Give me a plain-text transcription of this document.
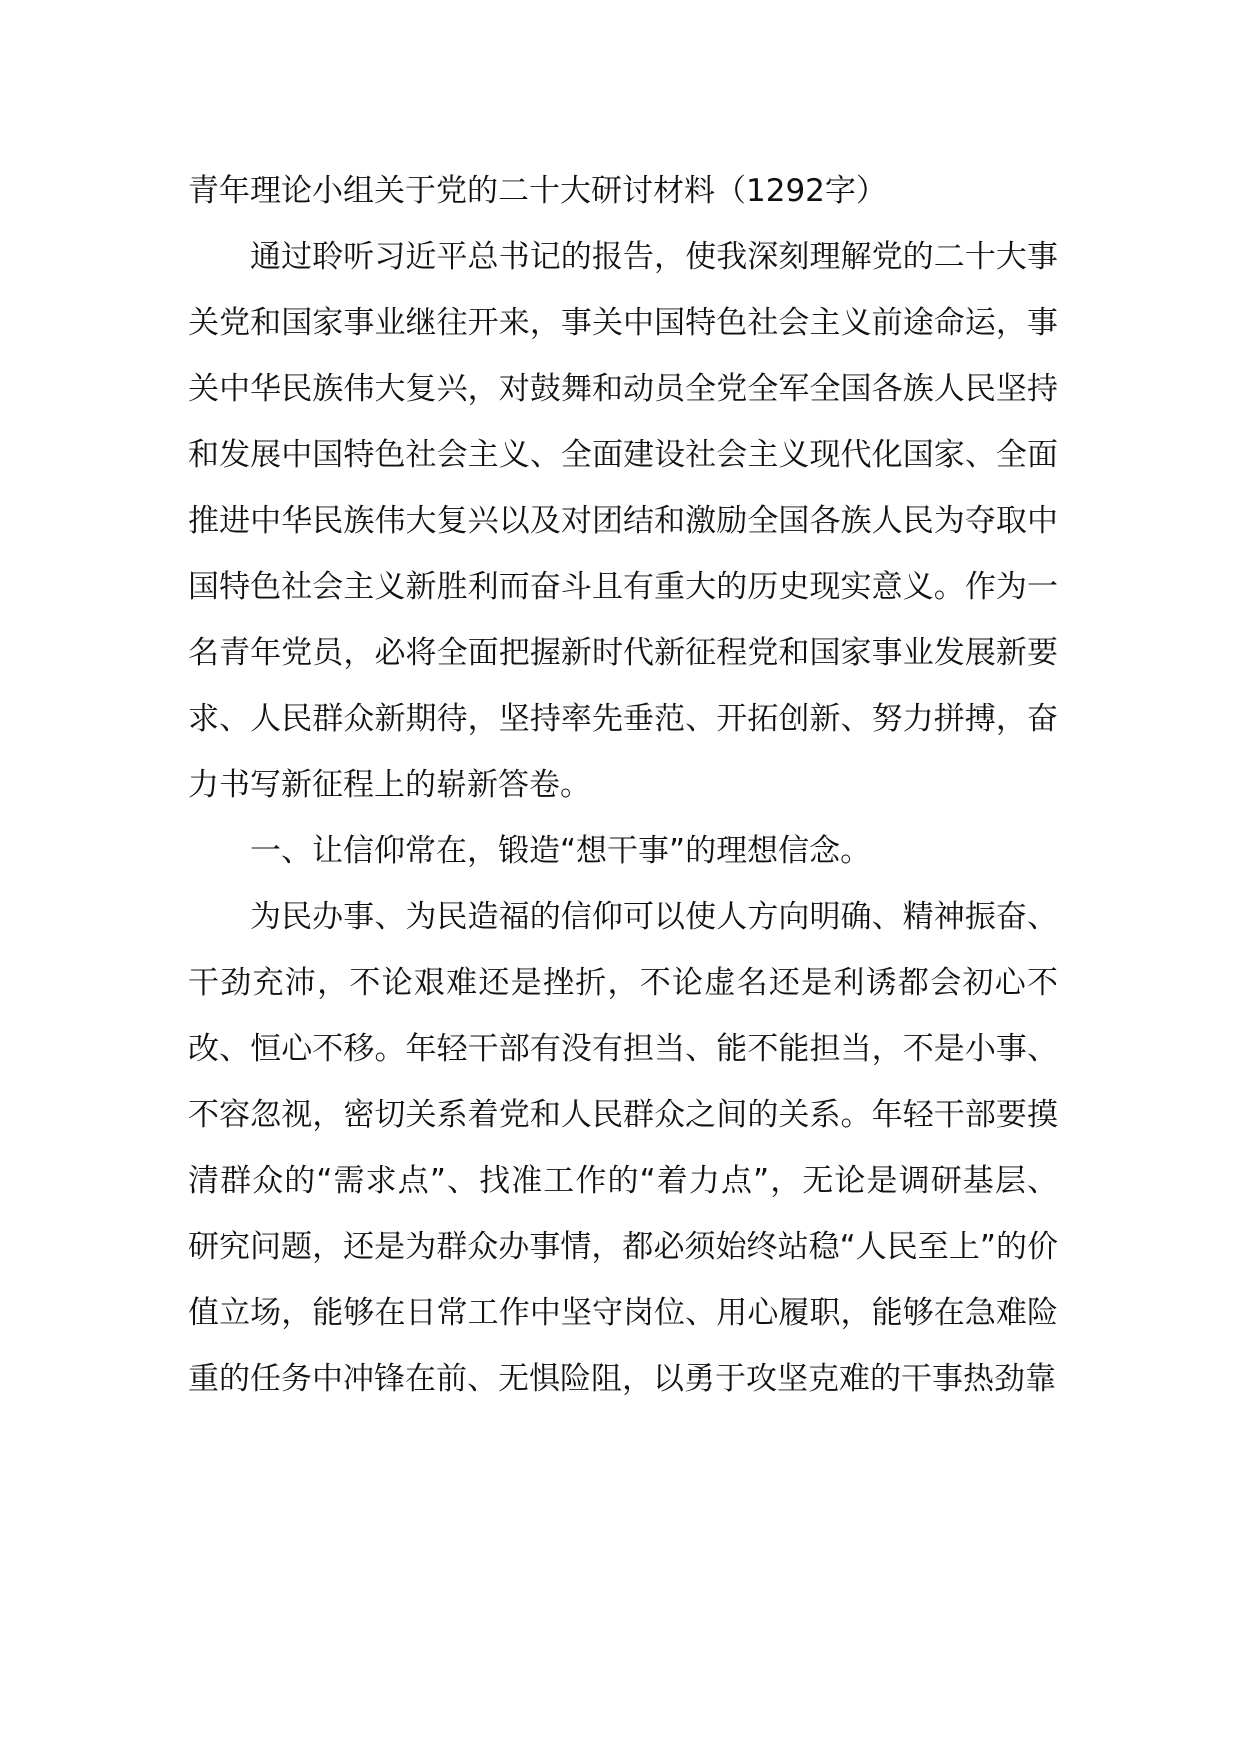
青年理论小组关于党的二十大研讨材料（1292字）

通过聆听习近平总书记的报告，使我深刻理解党的二十大事关党和国家事业继往开来，事关中国特色社会主义前途命运，事关中华民族伟大复兴，对鼓舞和动员全党全军全国各族人民坚持和发展中国特色社会主义、全面建设社会主义现代化国家、全面推进中华民族伟大复兴以及对团结和激励全国各族人民为夺取中国特色社会主义新胜利而奋斗且有重大的历史现实意义。作为一名青年党员，必将全面把握新时代新征程党和国家事业发展新要求、人民群众新期待，坚持率先垂范、开拓创新、努力拼搏，奋力书写新征程上的崭新答卷。

一、让信仰常在，锻造“想干事”的理想信念。

为民办事、为民造福的信仰可以使人方向明确、精神振奋、干劲充沛，不论艰难还是挫折，不论虚名还是利诱都会初心不改、恒心不移。年轻干部有没有担当、能不能担当，不是小事、不容忽视，密切关系着党和人民群众之间的关系。年轻干部要摸清群众的“需求点”、找准工作的“着力点”，无论是调研基层、研究问题，还是为群众办事情，都必须始终站稳“人民至上”的价值立场，能够在日常工作中坚守岗位、用心履职，能够在急难险重的任务中冲锋在前、无惧险阻，以勇于攻坚克难的干事热劲靠
